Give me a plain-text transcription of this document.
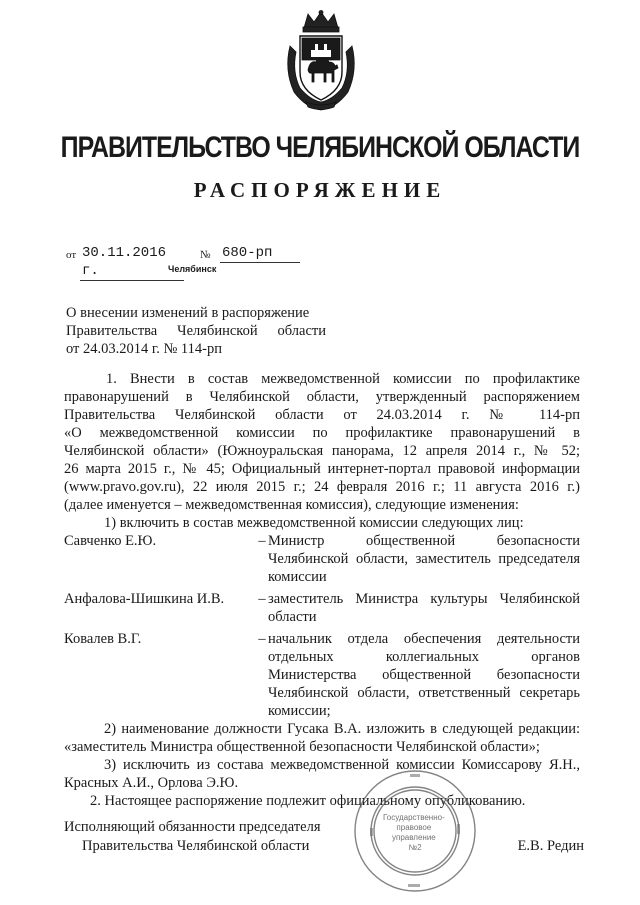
ПРАВИТЕЛЬСТВО ЧЕЛЯБИНСКОЙ ОБЛАСТИ
РАСПОРЯЖЕНИЕ
от 30.11.2016 г.
№ 680-рп
Челябинск
О внесении изменений в распоряжение
Правительства Челябинской области
от 24.03.2014 г. № 114-рп
1. Внести в состав межведомственной комиссии по профилактике
правонарушений в Челябинской области, утвержденный распоряжением
Правительства Челябинской области от 24.03.2014 г. № 114-рп
«О межведомственной комиссии по профилактике правонарушений в
Челябинской области» (Южноуральская панорама, 12 апреля 2014 г., № 52;
26 марта 2015 г., № 45; Официальный интернет-портал правовой информации
(www.pravo.gov.ru), 22 июля 2015 г.; 24 февраля 2016 г.; 11 августа 2016 г.)
(далее именуется – межведомственная комиссия), следующие изменения:
1) включить в состав межведомственной комиссии следующих лиц:
Савченко Е.Ю.	– Министр общественной безопасности
Челябинской области, заместитель председателя
комиссии
Анфалова-Шишкина И.В.	– заместитель Министра культуры Челябинской
области
Ковалев В.Г.	– начальник отдела обеспечения деятельности
отдельных коллегиальных органов
Министерства общественной безопасности
Челябинской области, ответственный секретарь
комиссии;
2) наименование должности Гусака В.А. изложить в следующей редакции:
«заместитель Министра общественной безопасности Челябинской области»;
3) исключить из состава межведомственной комиссии Комиссарову Я.Н.,
Красных А.И., Орлова Э.Ю.
2. Настоящее распоряжение подлежит официальному опубликованию.
Государственно- правовое управление №2
Исполняющий обязанности председателя
Правительства Челябинской области	Е.В. Редин
